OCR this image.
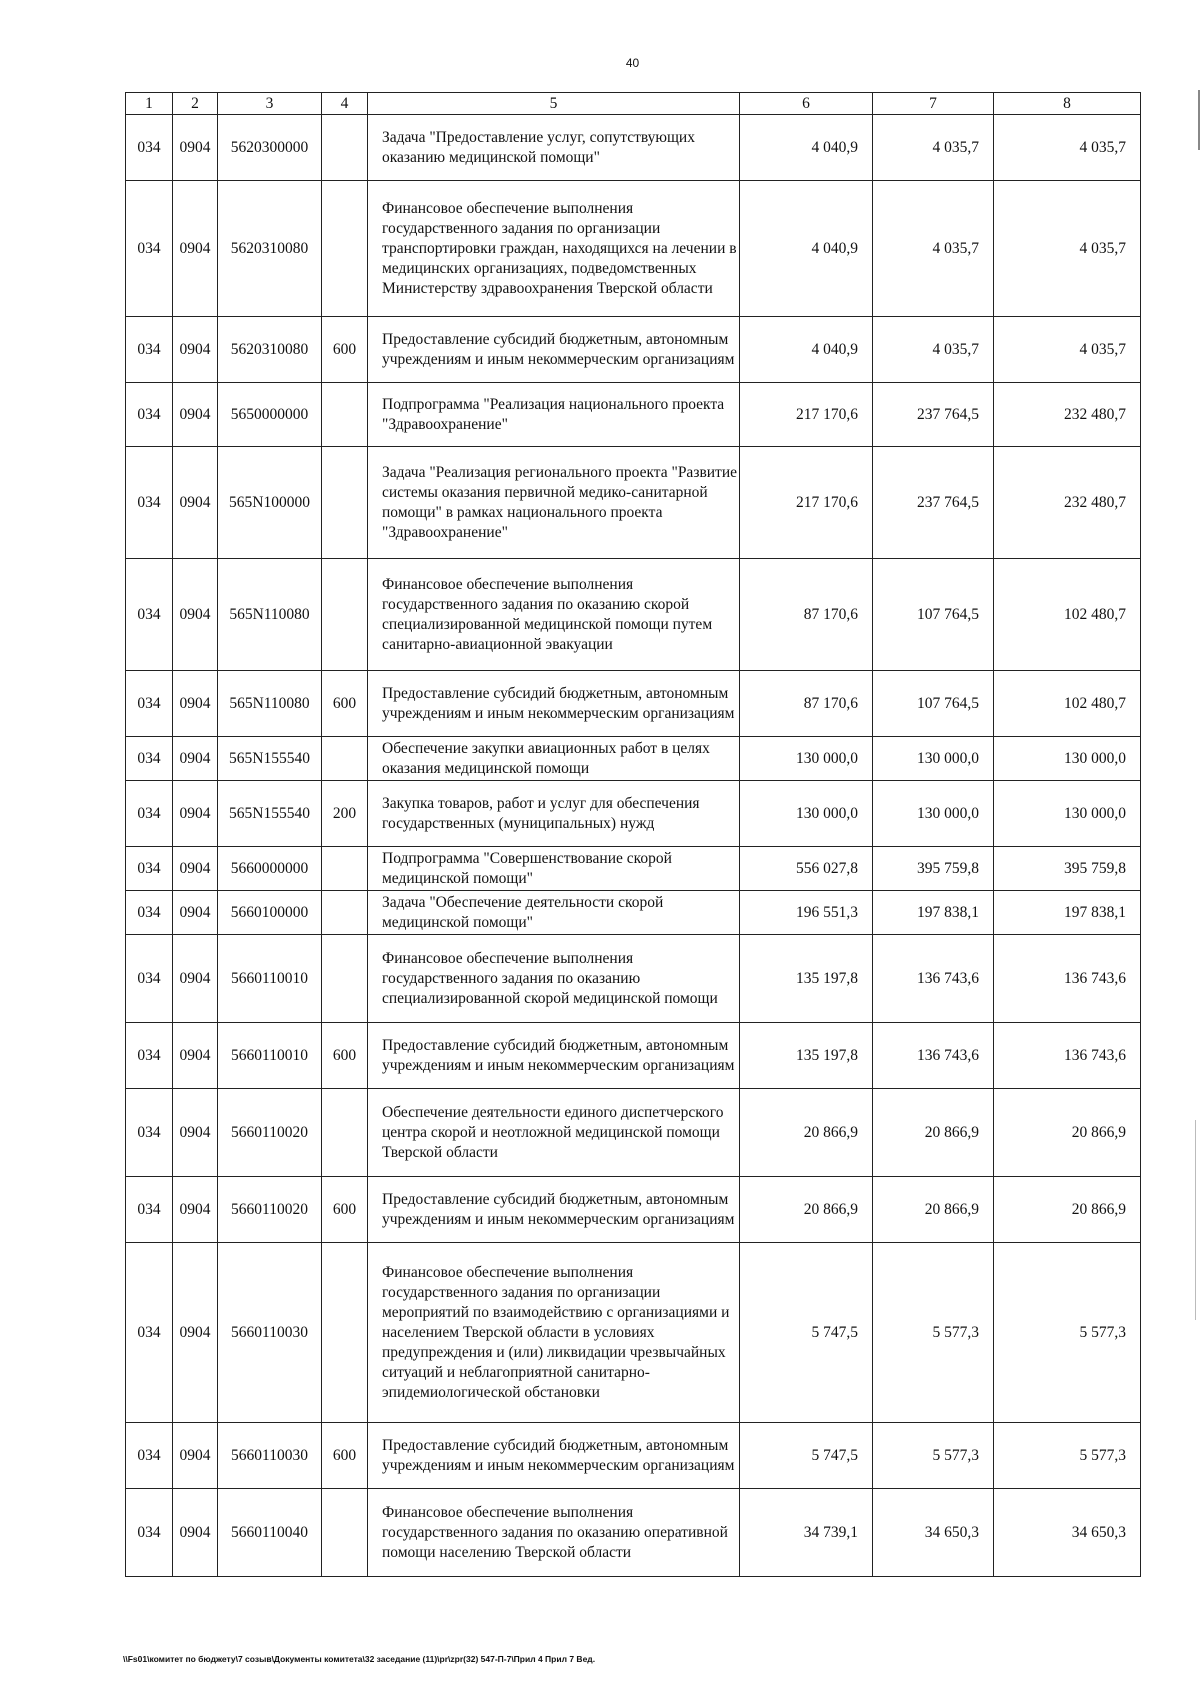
40
1	2	3	4	5	6	7	8
034	0904	5620300000		Задача "Предоставление услуг, сопутствующих оказанию медицинской помощи"	4 040,9	4 035,7	4 035,7
034	0904	5620310080		Финансовое обеспечение выполнения государственного задания по организации транспортировки граждан, находящихся на лечении в медицинских организациях, подведомственных Министерству здравоохранения Тверской области	4 040,9	4 035,7	4 035,7
034	0904	5620310080	600	Предоставление субсидий бюджетным, автономным учреждениям и иным некоммерческим организациям	4 040,9	4 035,7	4 035,7
034	0904	5650000000		Подпрограмма "Реализация национального проекта "Здравоохранение"	217 170,6	237 764,5	232 480,7
034	0904	565N100000		Задача "Реализация регионального проекта "Развитие системы оказания первичной медико-санитарной помощи" в рамках национального проекта "Здравоохранение"	217 170,6	237 764,5	232 480,7
034	0904	565N110080		Финансовое обеспечение выполнения государственного задания по оказанию скорой специализированной медицинской помощи путем санитарно-авиационной эвакуации	87 170,6	107 764,5	102 480,7
034	0904	565N110080	600	Предоставление субсидий бюджетным, автономным учреждениям и иным некоммерческим организациям	87 170,6	107 764,5	102 480,7
034	0904	565N155540		Обеспечение закупки авиационных работ в целях оказания медицинской помощи	130 000,0	130 000,0	130 000,0
034	0904	565N155540	200	Закупка товаров, работ и услуг для обеспечения государственных (муниципальных) нужд	130 000,0	130 000,0	130 000,0
034	0904	5660000000		Подпрограмма "Совершенствование скорой медицинской помощи"	556 027,8	395 759,8	395 759,8
034	0904	5660100000		Задача "Обеспечение деятельности скорой медицинской помощи"	196 551,3	197 838,1	197 838,1
034	0904	5660110010		Финансовое обеспечение выполнения государственного задания по оказанию специализированной скорой медицинской помощи	135 197,8	136 743,6	136 743,6
034	0904	5660110010	600	Предоставление субсидий бюджетным, автономным учреждениям и иным некоммерческим организациям	135 197,8	136 743,6	136 743,6
034	0904	5660110020		Обеспечение деятельности единого диспетчерского центра скорой и неотложной медицинской помощи Тверской области	20 866,9	20 866,9	20 866,9
034	0904	5660110020	600	Предоставление субсидий бюджетным, автономным учреждениям и иным некоммерческим организациям	20 866,9	20 866,9	20 866,9
034	0904	5660110030		Финансовое обеспечение выполнения государственного задания по организации мероприятий по взаимодействию с организациями и населением Тверской области в условиях предупреждения и (или) ликвидации чрезвычайных ситуаций и неблагоприятной санитарно-эпидемиологической обстановки	5 747,5	5 577,3	5 577,3
034	0904	5660110030	600	Предоставление субсидий бюджетным, автономным учреждениям и иным некоммерческим организациям	5 747,5	5 577,3	5 577,3
034	0904	5660110040		Финансовое обеспечение выполнения государственного задания по оказанию оперативной помощи населению Тверской области	34 739,1	34 650,3	34 650,3
\\Fs01\комитет по бюджету\7 созыв\Документы комитета\32 заседание (11)\pr\zpr(32) 547-П-7\Прил 4 Прил 7 Вед.
